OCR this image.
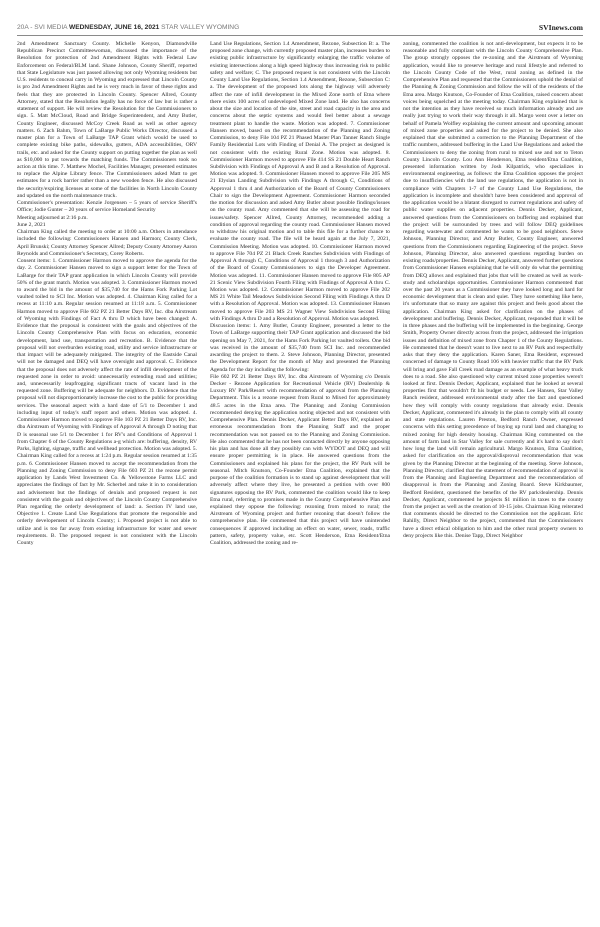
20A - SVI MEDIA WEDNESDAY, JUNE 16, 2021 STAR VALLEY WYOMING	SVInews.com

2nd Amendment Sanctuary County. Michelle Kenyon, Diamondville Republican Precinct Committeewoman, discussed the importance of the Resolution for protection of 2nd Amendment Rights with Federal Law Enforcement on Federal/BLM land. Shane Johnson, County Sheriff, reported that State Legislature was just passed allowing not only Wyoming residents but U.S. residents to conceal carry in Wyoming and expressed that Lincoln County is pro 2nd Amendment Rights and he is very much in favor of these rights and feels that they are protected in Lincoln County. Spencer Allred, County Attorney, stated that the Resolution legally has no force of law but is rather a statement of support. He will review the Resolution for the Commissioners to sign. 5. Matt McCloud, Road and Bridge Superintendent, and Amy Butler, County Engineer, discussed McCoy Creek Road as well as other agency matters. 6. Zach Bahm, Town of LaBarge Public Works Director, discussed a master plan for a Town of LaBarge TAP Grant which would be used to complete existing bike paths, sidewalks, gutters, ADA accessibilities, ORV trails, etc. and asked for the County support on putting together the plan as well as $10,000 to put towards the matching funds. The Commissioners took no action at this time. 7. Matthew Mochel, Facilities Manager, presented estimates to replace the Alpine Library fence. The Commissioners asked Matt to get estimates for a rock barrier rather than a new wooden fence. He also discussed the security/expiring licenses at some of the facilities in North Lincoln County and updated on the north maintenance truck.

Commissioner's presentation: Kenzie Jorgensen – 5 years of service Sheriff's Office; Jodie Gunter – 20 years of service Homeland Security

Meeting adjourned at 2:16 p.m.

June 2, 2021

Chairman King called the meeting to order at 10:00 a.m. Others in attendance included the following: Commissioners Hansen and Harmon; County Clerk, April Brunski; County Attorney Spencer Allred; Deputy County Attorney Aaron Reynolds and Commissioner's Secretary, Corey Roberts.

Consent items: 1. Commissioner Harmon moved to approve the agenda for the day. 2. Commissioner Hansen moved to sign a support letter for the Town of LaBarge for their TAP grant application in which Lincoln County will provide 50% of the grant match. Motion was adopted. 3. Commissioner Harmon moved to award the bid in the amount of $35,740 for the Hams Fork Parking Lot vaulted toiled to SCI Inc. Motion was adopted. 4. Chairman King called for a recess at 11:10 a.m. Regular session resumed at 11:18 a.m. 5. Commissioner Harmon moved to approve File 602 PZ 21 Better Days RV, Inc. dba Airstream of Wyoming with Findings of Fact A thru D which have been changed: A. Evidence that the proposal is consistent with the goals and objectives of the Lincoln County Comprehensive Plan with focus on education, economic development, land use, transportation and recreation. B. Evidence that the proposal will not overburden existing road, utility and service infrastructure or that impact will be adequately mitigated. The integrity of the Eastside Canal will not be damaged and DEQ will have oversight and approval. C. Evidence that the proposal does not adversely affect the rate of infill development of the requested zone in order to avoid: unnecessarily extending road and utilities; and, unnecessarily leapfrogging significant tracts of vacant land in the requested zone. Buffering will be adequate for neighbors. D. Evidence that the proposal will not disproportionately increase the cost to the public for providing services. The seasonal aspect with a hard date of 5/1 to December 1 and including input of today's staff report and others. Motion was adopted. 4. Commissioner Harmon moved to approve File 103 PZ 21 Better Days RV, Inc. dba Airstream of Wyoming with Findings of Approval A through D noting that D is seasonal use 5/1 to December 1 for RV's and Conditions of Approval 1 from Chapter 6 of the County Regulations a-g which are: buffering, density, RV Parks, lighting, signage, traffic and wellhead protection. Motion was adopted. 5. Chairman King called for a recess at 1:24 p.m. Regular session resumed at 1:35 p.m. 6. Commissioner Hansen moved to accept the recommendation from the Planning and Zoning Commission to deny File 603 PZ 21 the rezone permit application by Lands West Investment Co. & Yellowstone Farms LLC and appreciates the findings of fact by Mr. Scherbel and take it in to consideration and advisement but the findings of denials and proposed request is not consistent with the goals and objectives of the Lincoln County Comprehensive Plan regarding the orderly development of land: a. Section IV land use, Objective 1. Create Land Use Regulations that promote the responsible and orderly developement of Lincoln County; i. Proposed project is not able to utilize and is too far away from existing infrastructure for water and sewer requirements. B. The proposed request is not consistent with the Lincoln County

Land Use Regulations, Section 1.4 Amendment, Rezone, Subsection B: a. The proposed zone change, with currently proposed master plan, increases burden to existing public infrastructure by significantly enlarging the traffic volume of existing intersections along a high speed highway thus increasing risk to public safety and welfare; C. The proposed request is not consistent with the Lincoln County Land Use Regulations, Section 1.4 Amendment, Rezone, Subsection C: a. The development of the proposed lots along the highway will adversely affect the rate of infill development in the Mixed Zone north of Etna where there exists 100 acres of undeveloped Mixed Zone land. He also has concerns about the size and location of the site, street and road capacity in the area and concerns about the septic systems and would feel better about a sewage treatment plant to handle the waste. Motion was adopted. 7. Commissioner Hansen moved, based on the recommendation of the Planning and Zoning Commission, to deny File 104 PZ 21 Phased Master Plan Tanner Ranch Single Family Residential Lots with Finding of Denial A. The project as designed is not consistent with the existing Rural Zone. Motion was adopted. 8. Commissioner Harmon moved to approve File 414 SS 21 Double Heart Ranch Subdivision with Findings of Approval A and B and a Resolution of Approval. Motion was adopted. 9. Commissioner Hansen moved to approve File 205 MS 21 Elysian Landing Subdivision with Findings A through C, Conditions of Approval 1 thru 4 and Authorization of the Board of County Commissioners Chair to sign the Development Agreement. Commissioner Harmon seconded the motion for discussion and asked Amy Butler about possible findings/issues on the county road. Amy commented that she will be assessing the road for issues/safety. Spencer Allred, County Attorney, recommended adding a condition of approval regarding the county road. Commissioner Hansen moved to withdraw his original motion and to table this file for a further chance to evaluate the county road. The file will be heard again at the July 7, 2021, Commission Meeting. Motion was adopted. 10. Commissioner Harmon moved to approve File 704 PZ 21 Black Creek Ranches Subdivision with Findings of Approval A through C, Conditions of Approval 1 through 3 and Authorization of the Board of County Commissioners to sign the Developer Agreement. Motion was adopted. 11. Commissioner Hansen moved to approve File 805 AP 21 Scenic View Subdivision Fourth Filing with Findings of Approval A thru C. Motion was adopted. 12. Commissioner Harmon moved to approve File 202 MS 21 White Tail Meadows Subdivision Second Filing with Findings A thru D with a Resolution of Approval. Motion was adopted. 13. Commissioner Hansen moved to approve File 203 MS 21 Wagner View Subdivision Second Filing with Findings A thru D and a Resolution of Approval. Motion was adopted.

Discussion items: 1. Amy Butler, County Engineer, presented a letter to the Town of LaBarge supporting their TAP Grant application and discussed the bid opening on May 7, 2021, for the Hams Fork Parking lot vaulted toilets. One bid was received in the amount of $35,740 from SCI Inc. and recommended awarding the project to them. 2. Steve Johnson, Planning Director, presented the Development Report for the month of May and presented the Planning Agenda for the day including the following:

File 602 PZ 21 Better Days RV, Inc. dba Airstream of Wyoming c/o Dennis Decker - Rezone Application for Recreational Vehicle (RV) Dealership & Luxury RV Park/Resort with recommendation of approval from the Planning Department. This is a rezone request from Rural to Mixed for approximately 48.5 acres in the Etna area. The Planning and Zoning Commission recommended denying the application noting objected and not consistent with Comprehensive Plan. Dennis Decker, Applicant Better Days RV, explained an erroneous recommendation from the Planning Staff and the proper recommendation was not passed on to the Planning and Zoning Commission. He also commented that he has not been contacted directly by anyone opposing his plan and has done all they possibly can with WYDOT and DEQ and will ensure proper permitting is in place. He answered questions from the Commissioners and explained his plans for the project, the RV Park will be seasonal. Mitch Knutson, Co-Founder Etna Coalition, explained that the purpose of the coalition formation is to stand up against development that will adversely affect where they live, he presented a petition with over 800 signatures opposing the RV Park, commented the coalition would like to keep Etna rural, referring to promises made in the County Comprehensive Plan and explained they oppose the following: rezoning from mixed to rural; the Airstream of Wyoming project and further rezoning that doesn't follow the comprehensive plan. He commented that this project will have unintended consequences if approved including an effect on water, sewer, roads, traffic pattern, safety, property value, etc. Scott Henderson, Etna Resident/Etna Coalition, addressed the zoning and re-

zoning, commented the coalition is not anti-development, but expects it to be reasonable and fully compliant with the Lincoln County Comprehensive Plan. The group strongly opposes the re-zoning and the Airstream of Wyoming application, would like to preserve heritage and rural lifestyle and referred to the Lincoln County Code of the West, rural zoning as defined in the Comprehensive Plan and requested that the Commissioners uphold the denial of the Planning & Zoning Commission and follow the will of the residents of the Etna area. Margo Knutson, Co-Founder of Etna Coalition, raised concern about voices being squelched at the meeting today. Chairman King explained that is not the intention as they have received so much information already and are really just trying to work their way through it all. Margo went over a letter on behalf of Pamela Wolfley explaining the current amount and upcoming amount of mixed zone properties and asked for the project to be denied. She also explained that she submitted a correction to the Planning Department of the traffic numbers, addressed buffering in the Land Use Regulations and asked the Commissioners to deny the zoning from rural to mixed use and not to Teton County Lincoln County. Lou Ann Henderson, Etna resident/Etna Coalition, presented information written by Josh Kilpatrick, who specializes in environmental engineering, as follows: the Etna Coalition opposes the project due to insufficiencies with the land use regulations, the application is not in compliance with Chapters 1-7 of the County Land Use Regulations, the application is incomplete and shouldn't have been considered and approval of the application would be a blatant disregard to current regulations and safety of public water supplies on adjacent properties. Dennis Decker, Applicant, answered questions from the Commissioners on buffering and explained that the project will be surrounded by trees and will follow DEQ guidelines regarding wastewater and commented he wants to be good neighbors. Steve Johnson, Planning Director, and Amy Butler, County Engineer, answered questions from the Commissioners regarding Engineering of the project. Steve Johnson, Planning Director, also answered questions regarding burden on existing roads/properties. Dennis Decker, Applicant, answered further questions from Commissioner Hansen explaining that he will only do what the permitting from DEQ allows and explained that jobs that will be created as well as work-study and scholarships opportunities. Commissioner Harmon commented that over the past 20 years as a Commissioner they have looked long and hard for economic development that is clean and quiet. They have something like here, it's unfortunate that so many are against this project and feels good about the application. Chairman King asked for clarification on the phases of development and buffering. Dennis Decker, Applicant, responded that it will be in three phases and the buffering will be implemented in the beginning. George Smith, Property Owner directly across from the project, addressed the irrigation issues and definition of mixed zone from Chapter 1 of the County Regulations. He commented that he doesn't want to live next to an RV Park and respectfully asks that they deny the application. Karen Saner, Etna Resident, expressed concerned of damage to County Road 106 with heavier traffic that the RV Park will bring and gave Fall Creek road damage as an example of what heavy truck does to a road. She also questioned why current mixed zone properties weren't looked at first. Dennis Decker, Applicant, explained that he looked at several properties first that wouldn't fit his budget or needs. Lee Hansen, Star Valley Ranch resident, addressed environmental study after the fact and questioned how they will comply with county regulations that already exist. Dennis Decker, Applicant, commented it's already in the plan to comply with all county and state regulations. Lauren Preston, Bedford Ranch Owner, expressed concerns with this setting precedence of buying up rural land and changing to mixed zoning for high density housing. Chairman King commented on the amount of farm land in Star Valley for sale currently and it's hard to say don't how long the land will remain agricultural. Margo Knutson, Etna Coalition, asked for clarification on the approval/disproval recommendation that was given by the Planning Director at the beginning of the meeting. Steve Johnson, Planning Director, clarified that the statement of recommendation of approval is from the Planning and Engineering Department and the recommendation of disapproval is from the Planning and Zoning Board. Steve Kirkbaumer, Bedford Resident, questioned the benefits of the RV park/dealership. Dennis Decker, Applicant, commented he projects $1 million in taxes to the county from the project as well as the creation of 10-15 jobs. Chairman King reiterated that comments should be directed to the Commission not the applicant. Eric Rahilly, Direct Neighbor to the project, commented that the Commissioners have a direct ethical obligation to him and the other rural property owners to deny projects like this. Denise Tapp, Direct Neighbor
